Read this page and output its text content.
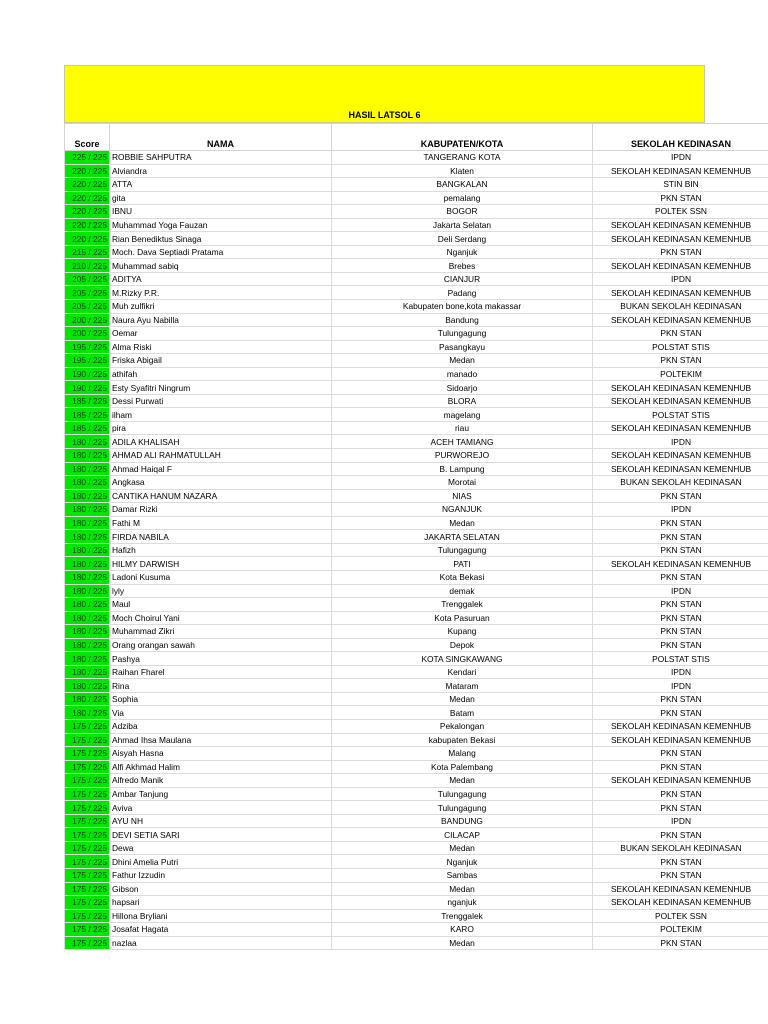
HASIL LATSOL 6
Score	NAMA	KABUPATEN/KOTA	SEKOLAH KEDINASAN
225 / 225	ROBBIE SAHPUTRA	TANGERANG KOTA	IPDN
220 / 225	Alviandra	Klaten	SEKOLAH KEDINASAN KEMENHUB
220 / 225	ATTA	BANGKALAN	STIN BIN
220 / 225	gita	pemalang	PKN STAN
220 / 225	IBNU	BOGOR	POLTEK SSN
220 / 225	Muhammad Yoga Fauzan	Jakarta Selatan	SEKOLAH KEDINASAN KEMENHUB
220 / 225	Rian Benediktus Sinaga	Deli Serdang	SEKOLAH KEDINASAN KEMENHUB
215 / 225	Moch. Dava Septiadi Pratama	Nganjuk	PKN STAN
210 / 225	Muhammad sabiq	Brebes	SEKOLAH KEDINASAN KEMENHUB
205 / 225	ADITYA	CIANJUR	IPDN
205 / 225	M.Rizky P.R.	Padang	SEKOLAH KEDINASAN KEMENHUB
205 / 225	Muh zulfikri	Kabupaten bone,kota makassar	BUKAN SEKOLAH KEDINASAN
200 / 225	Naura Ayu Nabilla	Bandung	SEKOLAH KEDINASAN KEMENHUB
200 / 225	Oemar	Tulungagung	PKN STAN
195 / 225	Alma Riski	Pasangkayu	POLSTAT STIS
195 / 225	Friska Abigail	Medan	PKN STAN
190 / 225	athifah	manado	POLTEKIM
190 / 225	Esty Syafitri Ningrum	Sidoarjo	SEKOLAH KEDINASAN KEMENHUB
185 / 225	Dessi Purwati	BLORA	SEKOLAH KEDINASAN KEMENHUB
185 / 225	ilham	magelang	POLSTAT STIS
185 / 225	pira	riau	SEKOLAH KEDINASAN KEMENHUB
180 / 225	ADILA KHALISAH	ACEH TAMIANG	IPDN
180 / 225	AHMAD ALI RAHMATULLAH	PURWOREJO	SEKOLAH KEDINASAN KEMENHUB
180 / 225	Ahmad Haiqal F	B. Lampung	SEKOLAH KEDINASAN KEMENHUB
180 / 225	Angkasa	Morotai	BUKAN SEKOLAH KEDINASAN
180 / 225	CANTIKA HANUM NAZARA	NIAS	PKN STAN
180 / 225	Damar Rizki	NGANJUK	IPDN
180 / 225	Fathi M	Medan	PKN STAN
180 / 225	FIRDA NABILA	JAKARTA SELATAN	PKN STAN
180 / 225	Hafizh	Tulungagung	PKN STAN
180 / 225	HILMY DARWISH	PATI	SEKOLAH KEDINASAN KEMENHUB
180 / 225	Ladoni Kusuma	Kota Bekasi	PKN STAN
180 / 225	lyly	demak	IPDN
180 / 225	Maul	Trenggalek	PKN STAN
180 / 225	Moch Choirul Yani	Kota Pasuruan	PKN STAN
180 / 225	Muhammad Zikri	Kupang	PKN STAN
180 / 225	Orang orangan sawah	Depok	PKN STAN
180 / 225	Pashya	KOTA SINGKAWANG	POLSTAT STIS
180 / 225	Raihan Fharel	Kendari	IPDN
180 / 225	Rina	Mataram	IPDN
180 / 225	Sophia	Medan	PKN STAN
180 / 225	Via	Batam	PKN STAN
175 / 225	Adziba	Pekalongan	SEKOLAH KEDINASAN KEMENHUB
175 / 225	Ahmad Ihsa Maulana	kabupaten Bekasi	SEKOLAH KEDINASAN KEMENHUB
175 / 225	Aisyah Hasna	Malang	PKN STAN
175 / 225	Alfi Akhmad Halim	Kota Palembang	PKN STAN
175 / 225	Alfredo Manik	Medan	SEKOLAH KEDINASAN KEMENHUB
175 / 225	Ambar Tanjung	Tulungagung	PKN STAN
175 / 225	Aviva	Tulungagung	PKN STAN
175 / 225	AYU NH	BANDUNG	IPDN
175 / 225	DEVI SETIA SARI	CILACAP	PKN STAN
175 / 225	Dewa	Medan	BUKAN SEKOLAH KEDINASAN
175 / 225	Dhini Amelia Putri	Nganjuk	PKN STAN
175 / 225	Fathur Izzudin	Sambas	PKN STAN
175 / 225	Gibson	Medan	SEKOLAH KEDINASAN KEMENHUB
175 / 225	hapsari	nganjuk	SEKOLAH KEDINASAN KEMENHUB
175 / 225	Hillona Bryliani	Trenggalek	POLTEK SSN
175 / 225	Josafat Hagata	KARO	POLTEKIM
175 / 225	nazlaa	Medan	PKN STAN
